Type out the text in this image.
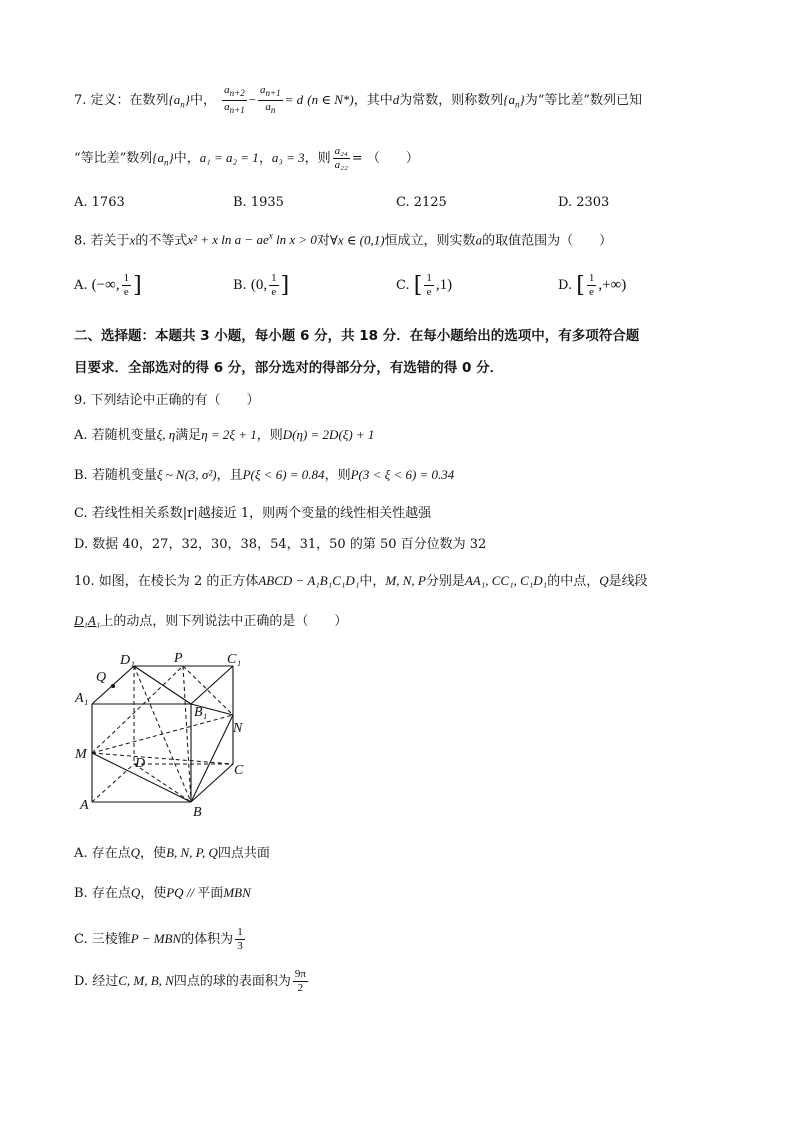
7. 定义：在数列$\{a_n\}$中， $\frac{a_{n+2}}{a_{n+1}} - \frac{a_{n+1}}{a_n} = d$ (n ∈ N*)，其中d为常数，则称数列$\{a_n\}$为“等比差”数列已知
“等比差”数列$\{a_n\}$中，a₁ = a₂ = 1，a₃ = 3，则 $\frac{\text{a₂₄}}{\text{a₂₂}}$ = （　　）
A. 1763	B. 1935	C. 2125	D. 2303
8. 若关于x的不等式x² + x $\ln a - ae^x$ ln x > 0对∀x ∈ (0,1)恒成立，则实数a的取值范围为（　　）
A. (−∞, $\frac{1}{e}$ ]	B. (0, $\frac{1}{e}$ ]	C. [ $\frac{1}{e} ,1$)	D. [ $\frac{1}{e}$ ,+∞)
二、选择题：本题共 3 小题，每小题 6 分，共 18 分．在每小题给出的选项中，有多项符合题
目要求．全部选对的得 6 分，部分选对的得部分分，有选错的得 0 分．
9. 下列结论中正确的有（　　）
A. 若随机变量ξ, η满足η = 2ξ + 1，则D(η) = 2D(ξ) + 1
B. 若随机变量ξ ~ N(3, σ²)，且P(ξ < 6) = 0.84，则P(3 < ξ < 6) = 0.34
C. 若线性相关系数|r|越接近 1，则两个变量的线性相关性越强
D. 数据 40，27，32，30，38，54，31，50 的第 50 百分位数为 32
10. 如图，在棱长为 2 的正方体ABCD − A₁B₁C₁D₁中，M, N, P分别是AA₁, CC₁, C₁D₁的中点，Q是线段
D₁A₁上的动点，则下列说法中正确的是（　　）
D₁	P	C₁
Q
A₁
B₁
N
M
D	C
A	B
A. 存在点Q，使B, N, P, Q四点共面
B. 存在点Q，使PQ // 平面MBN
C. 三棱锥P − MBN的体积为 $\frac{1}{3}$
D. 经过C, M, B, N四点的球的表面积为 $\frac{9\pi}{2}$
